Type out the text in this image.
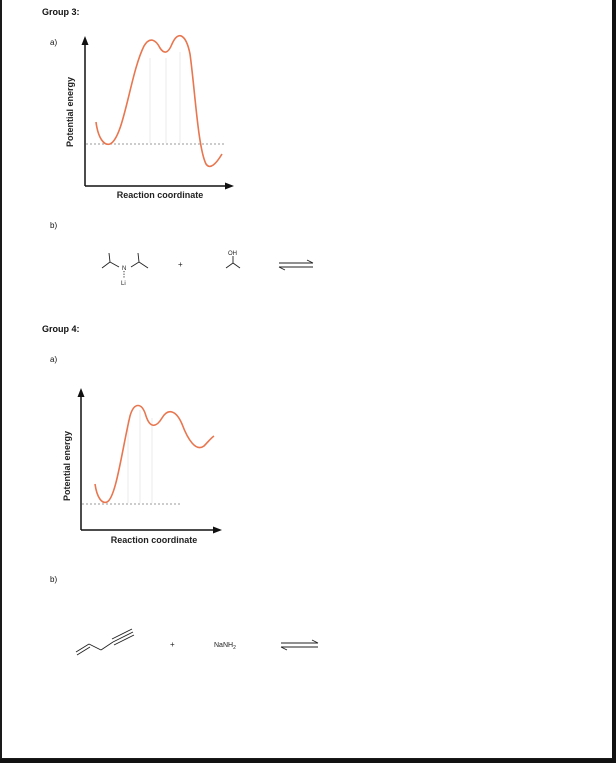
Group 3:
a)
Potential energy
Reaction coordinate
b)
N
Li
+
OH
Group 4:
a)
Potential energy
Reaction coordinate
b)
+	NaNH$_2$
